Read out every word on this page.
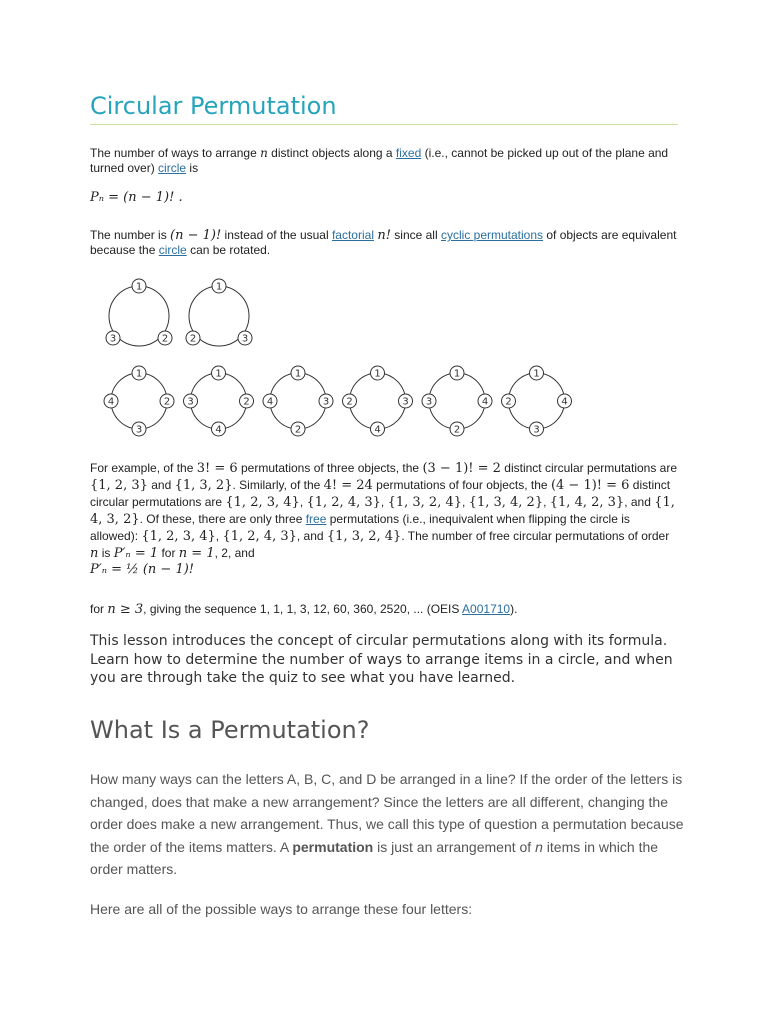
Circular Permutation
The number of ways to arrange n distinct objects along a fixed (i.e., cannot be picked up out of the plane and turned over) circle is
Pₙ = (n − 1)! .
The number is (n − 1)! instead of the usual factorial n! since all cyclic permutations of objects are equivalent because the circle can be rotated.
1
3	2
1
2	3
1
4	2
3
1
3	2
4
1
4	3
2
1
2	3
4
1
3	4
2
1
2	4
3
For example, of the 3! = 6 permutations of three objects, the (3 − 1)! = 2 distinct circular permutations are {1, 2, 3} and {1, 3, 2}. Similarly, of the 4! = 24 permutations of four objects, the (4 − 1)! = 6 distinct circular permutations are {1, 2, 3, 4}, {1, 2, 4, 3}, {1, 3, 2, 4}, {1, 3, 4, 2}, {1, 4, 2, 3}, and {1, 4, 3, 2}. Of these, there are only three free permutations (i.e., inequivalent when flipping the circle is allowed): {1, 2, 3, 4}, {1, 2, 4, 3}, and {1, 3, 2, 4}. The number of free circular permutations of order n is P′ₙ = 1 for n = 1, 2, and
P′ₙ = ½ (n − 1)!
for n ≥ 3, giving the sequence 1, 1, 1, 3, 12, 60, 360, 2520, ... (OEIS A001710).
This lesson introduces the concept of circular permutations along with its formula. Learn how to determine the number of ways to arrange items in a circle, and when you are through take the quiz to see what you have learned.
What Is a Permutation?
How many ways can the letters A, B, C, and D be arranged in a line? If the order of the letters is changed, does that make a new arrangement? Since the letters are all different, changing the order does make a new arrangement. Thus, we call this type of question a permutation because the order of the items matters. A permutation is just an arrangement of n items in which the order matters.
Here are all of the possible ways to arrange these four letters:
